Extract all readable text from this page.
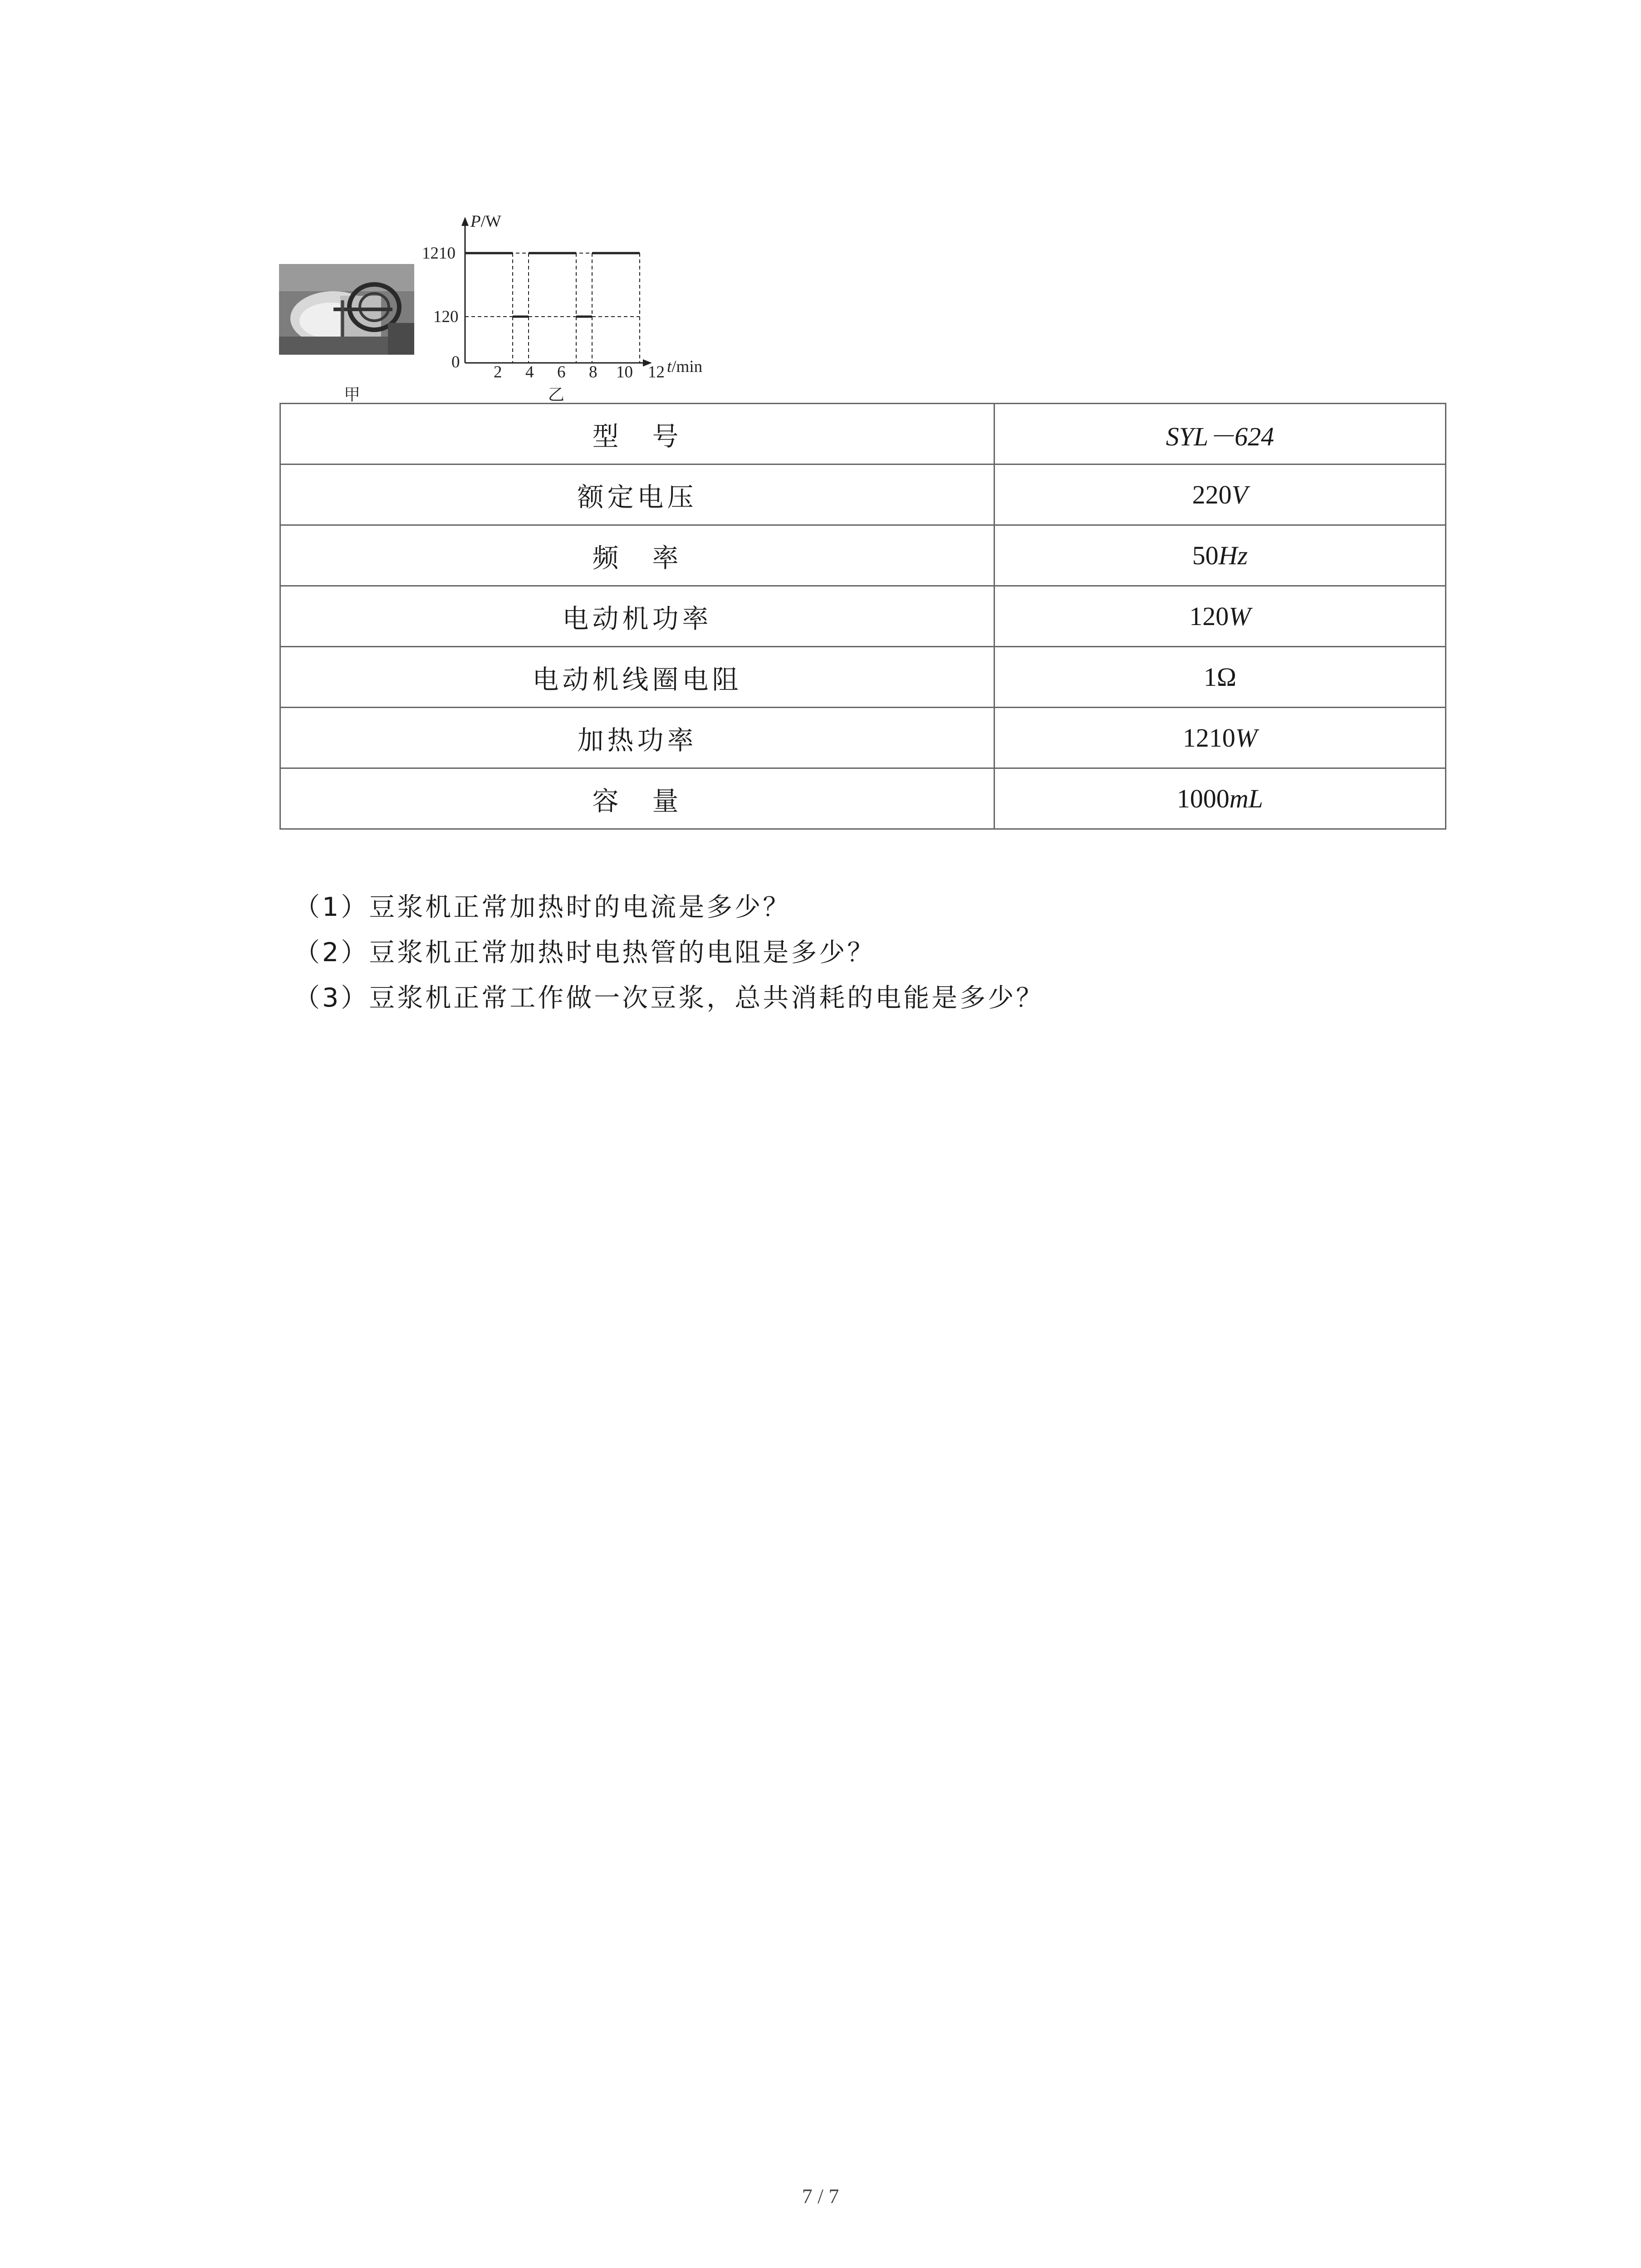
甲
P/W
t/min
0
1210
120
2 4 6 8 10 12
乙
型　号	SYL－624
额定电压	220V
频　率	50Hz
电动机功率	120W
电动机线圈电阻	1Ω
加热功率	1210W
容　量	1000mL
（1）豆浆机正常加热时的电流是多少？
（2）豆浆机正常加热时电热管的电阻是多少？
（3）豆浆机正常工作做一次豆浆，总共消耗的电能是多少？
7 / 7
